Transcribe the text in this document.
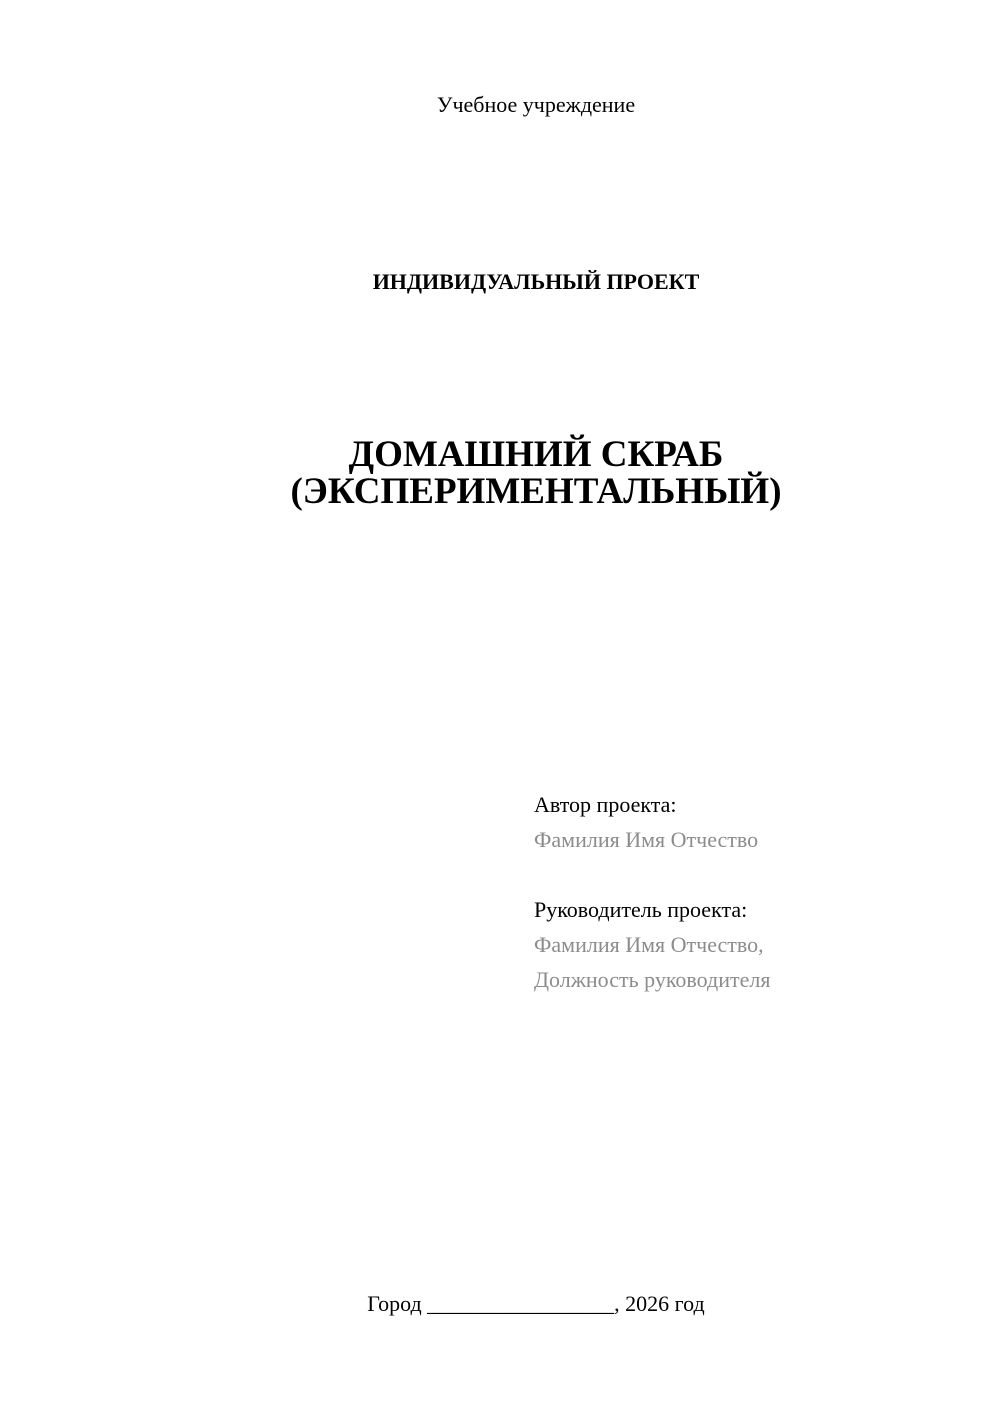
Учебное учреждение
ИНДИВИДУАЛЬНЫЙ ПРОЕКТ
ДОМАШНИЙ СКРАБ
(ЭКСПЕРИМЕНТАЛЬНЫЙ)
Автор проекта:
Фамилия Имя Отчество
Руководитель проекта:
Фамилия Имя Отчество,
Должность руководителя
Город _________________, 2026 год
